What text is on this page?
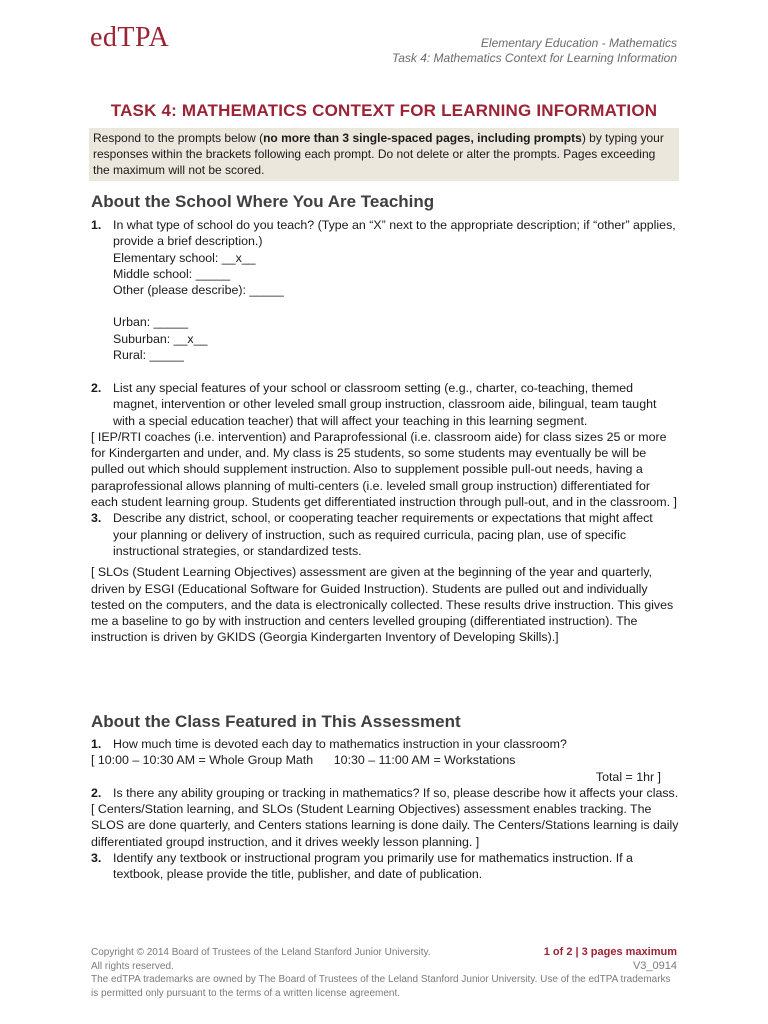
edTPA	Elementary Education - Mathematics
Task 4: Mathematics Context for Learning Information
TASK 4: MATHEMATICS CONTEXT FOR LEARNING INFORMATION
Respond to the prompts below (no more than 3 single-spaced pages, including prompts) by typing your responses within the brackets following each prompt. Do not delete or alter the prompts. Pages exceeding the maximum will not be scored.
About the School Where You Are Teaching
1. In what type of school do you teach? (Type an “X” next to the appropriate description; if “other” applies, provide a brief description.)
Elementary school: __x__
Middle school: _____
Other (please describe): _____
Urban: _____
Suburban: __x__
Rural: _____
2. List any special features of your school or classroom setting (e.g., charter, co-teaching, themed magnet, intervention or other leveled small group instruction, classroom aide, bilingual, team taught with a special education teacher) that will affect your teaching in this learning segment.
[ IEP/RTI coaches (i.e. intervention) and Paraprofessional (i.e. classroom aide) for class sizes 25 or more for Kindergarten and under, and. My class is 25 students, so some students may eventually be will be pulled out which should supplement instruction. Also to supplement possible pull-out needs, having a paraprofessional allows planning of multi-centers (i.e. leveled small group instruction) differentiated for each student learning group. Students get differentiated instruction through pull-out, and in the classroom. ]
3. Describe any district, school, or cooperating teacher requirements or expectations that might affect your planning or delivery of instruction, such as required curricula, pacing plan, use of specific instructional strategies, or standardized tests.
[ SLOs (Student Learning Objectives) assessment are given at the beginning of the year and quarterly, driven by ESGI (Educational Software for Guided Instruction). Students are pulled out and individually tested on the computers, and the data is electronically collected. These results drive instruction. This gives me a baseline to go by with instruction and centers levelled grouping (differentiated instruction). The instruction is driven by GKIDS (Georgia Kindergarten Inventory of Developing Skills).]
About the Class Featured in This Assessment
1. How much time is devoted each day to mathematics instruction in your classroom?
[ 10:00 – 10:30 AM = Whole Group Math      10:30 – 11:00 AM = Workstations
Total = 1hr ]
2. Is there any ability grouping or tracking in mathematics? If so, please describe how it affects your class.
[ Centers/Station learning, and SLOs (Student Learning Objectives) assessment enables tracking. The SLOS are done quarterly, and Centers stations learning is done daily. The Centers/Stations learning is daily differentiated groupd instruction, and it drives weekly lesson planning. ]
3. Identify any textbook or instructional program you primarily use for mathematics instruction. If a textbook, please provide the title, publisher, and date of publication.
Copyright © 2014 Board of Trustees of the Leland Stanford Junior University.
All rights reserved.
The edTPA trademarks are owned by The Board of Trustees of the Leland Stanford Junior University. Use of the edTPA trademarks is permitted only pursuant to the terms of a written license agreement.
1 of 2 | 3 pages maximum
V3_0914
